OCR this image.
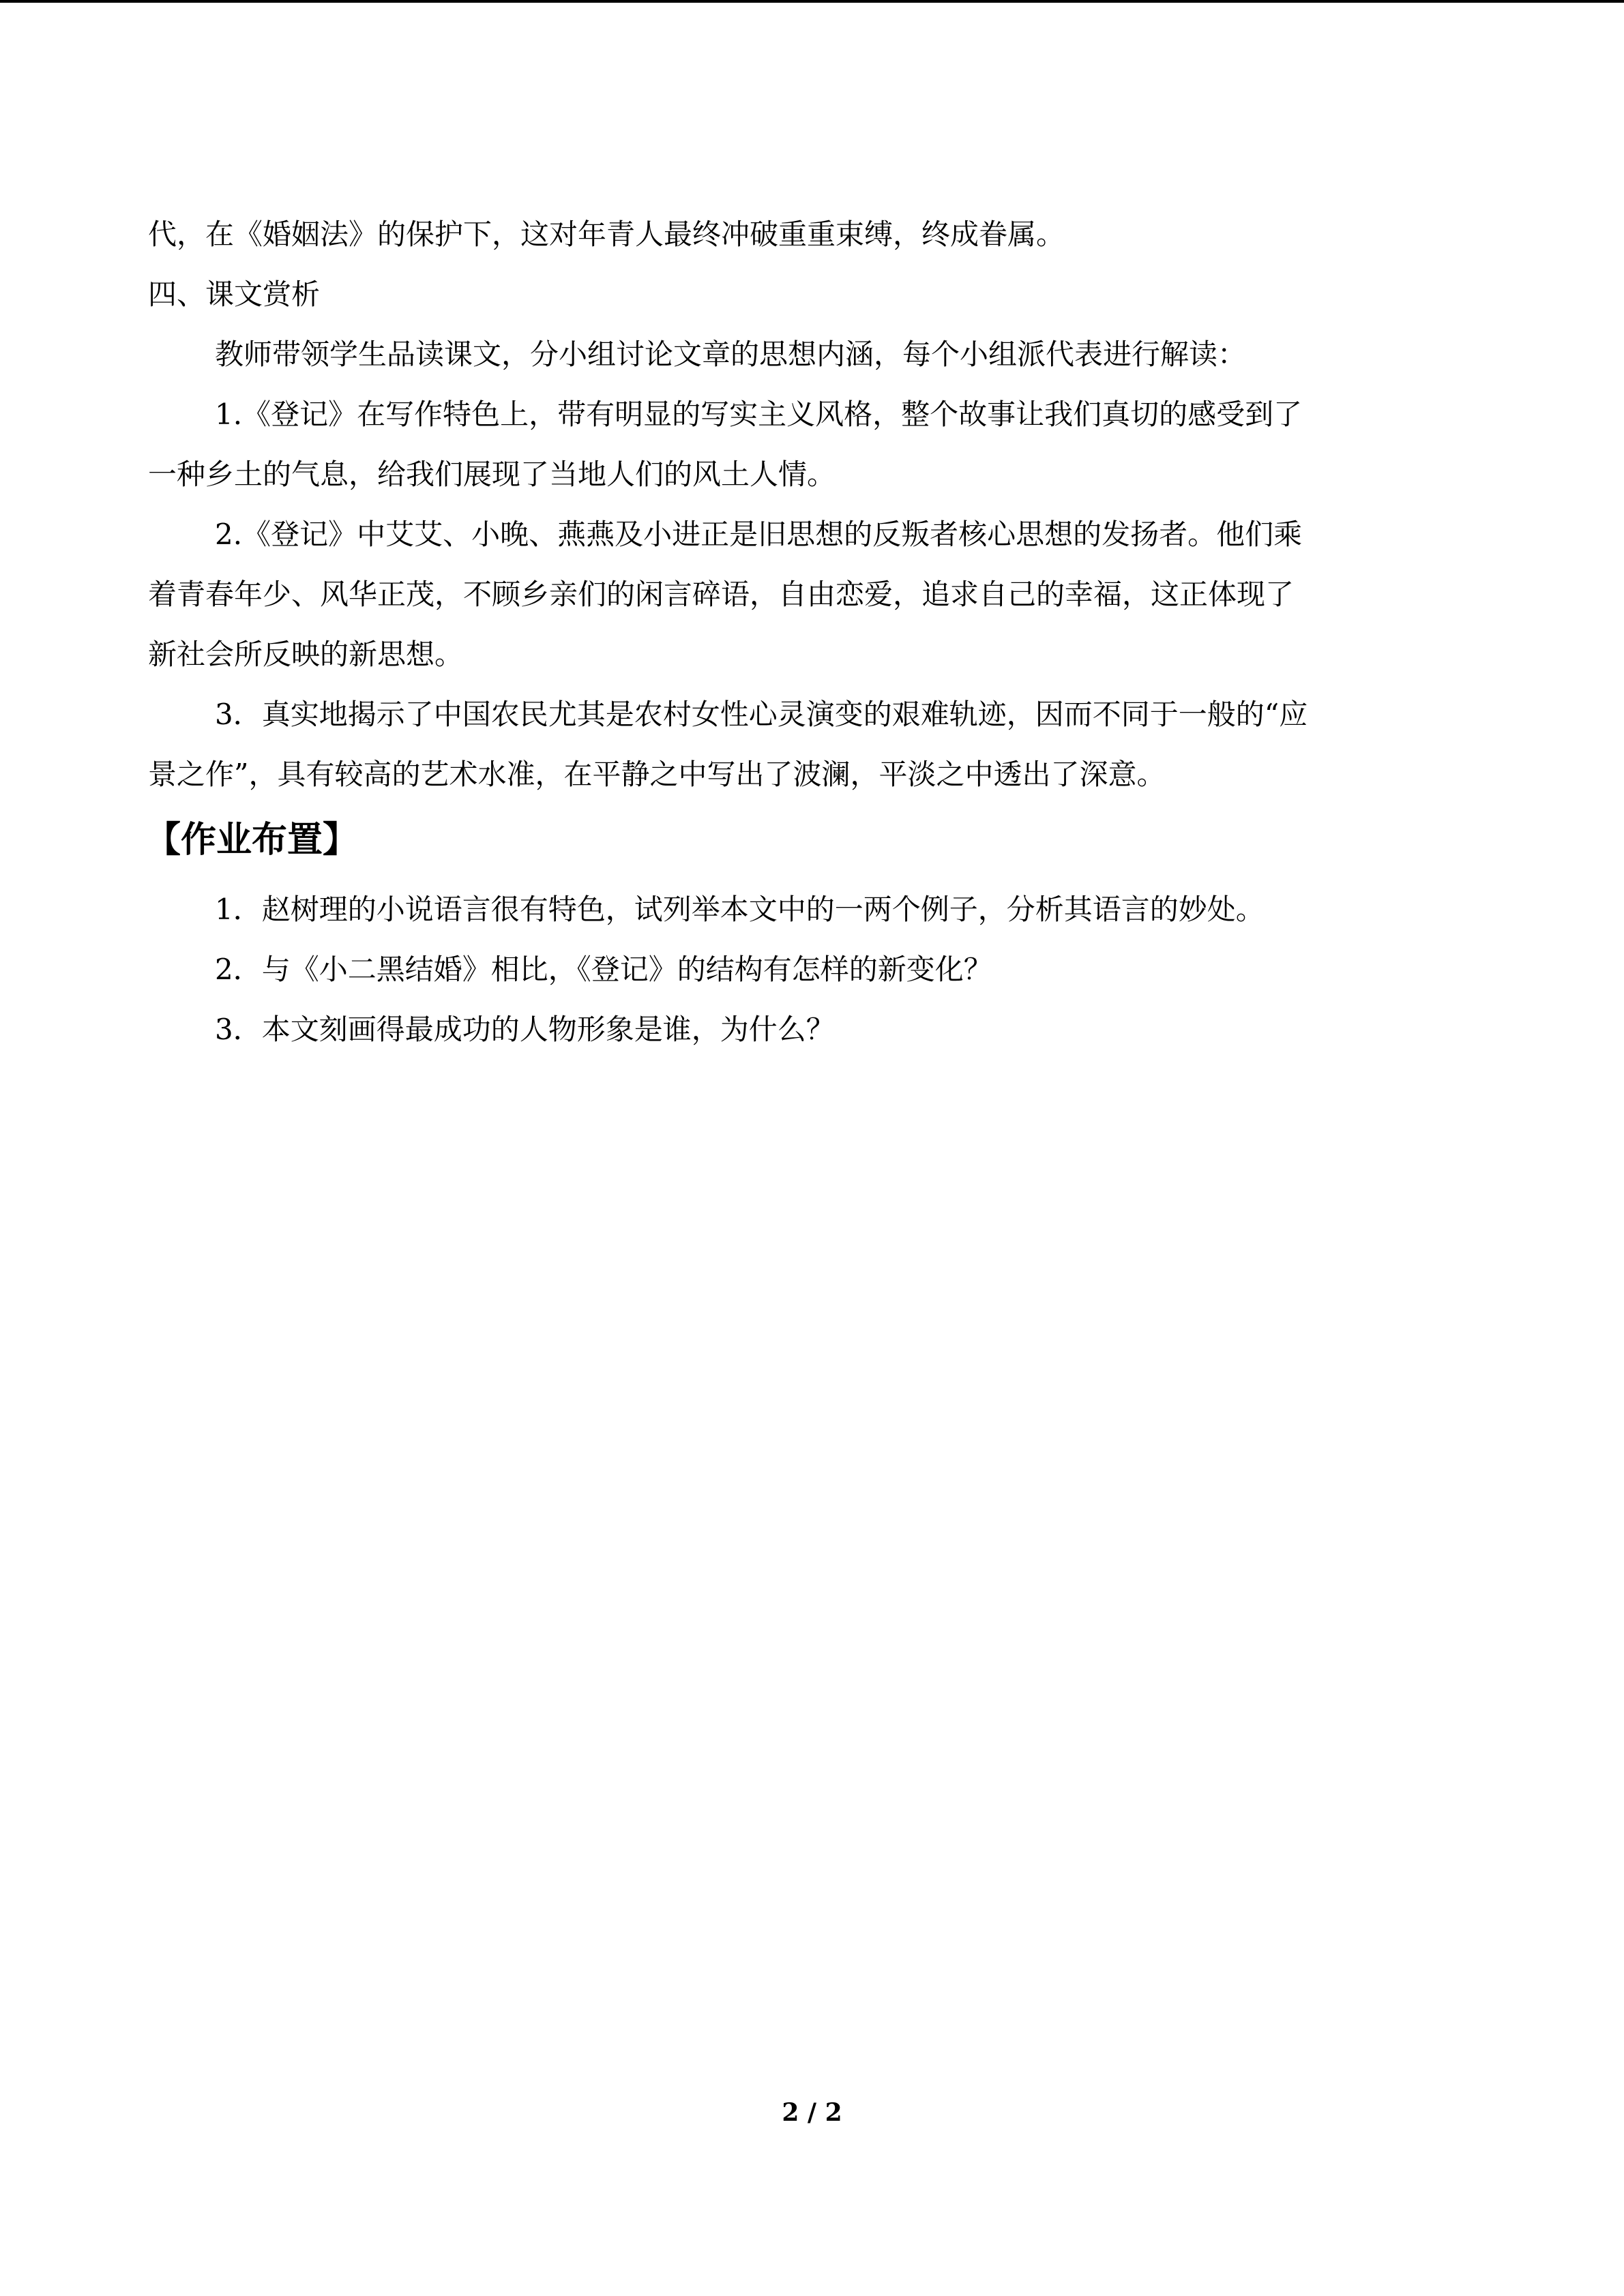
代，在《婚姻法》的保护下，这对年青人最终冲破重重束缚，终成眷属。

四、课文赏析

教师带领学生品读课文，分小组讨论文章的思想内涵，每个小组派代表进行解读：

1.《登记》在写作特色上，带有明显的写实主义风格，整个故事让我们真切的感受到了

一种乡土的气息，给我们展现了当地人们的风土人情。

2.《登记》中艾艾、小晚、燕燕及小进正是旧思想的反叛者核心思想的发扬者。他们乘

着青春年少、风华正茂，不顾乡亲们的闲言碎语，自由恋爱，追求自己的幸福，这正体现了

新社会所反映的新思想。

3．真实地揭示了中国农民尤其是农村女性心灵演变的艰难轨迹，因而不同于一般的“应

景之作”，具有较高的艺术水准，在平静之中写出了波澜，平淡之中透出了深意。

【作业布置】

1．赵树理的小说语言很有特色，试列举本文中的一两个例子，分析其语言的妙处。

2．与《小二黑结婚》相比，《登记》的结构有怎样的新变化？

3．本文刻画得最成功的人物形象是谁，为什么？

2 / 2
